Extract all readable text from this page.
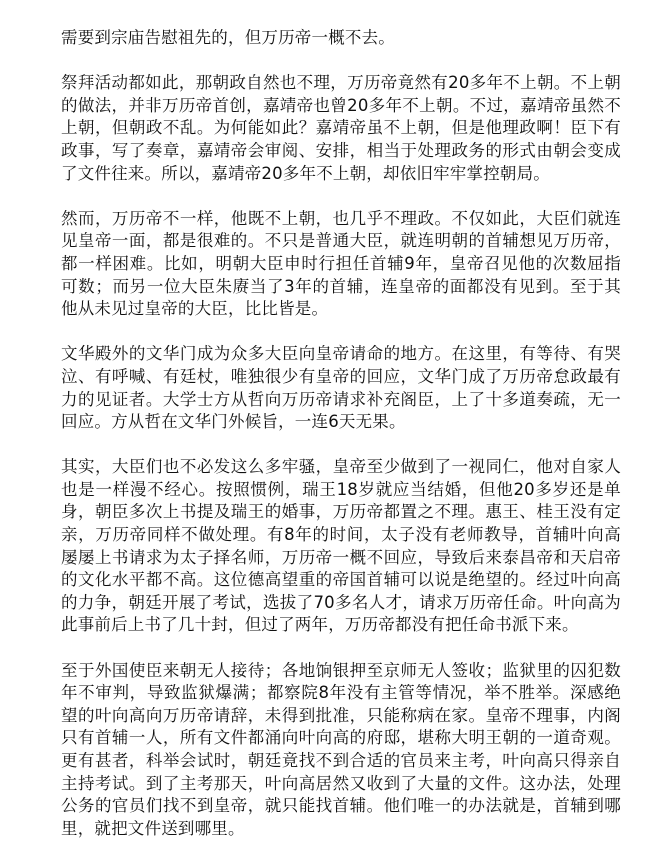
需要到宗庙告慰祖先的，但万历帝一概不去。

祭拜活动都如此，那朝政自然也不理，万历帝竟然有20多年不上朝。不上朝的做法，并非万历帝首创，嘉靖帝也曾20多年不上朝。不过，嘉靖帝虽然不上朝，但朝政不乱。为何能如此？嘉靖帝虽不上朝，但是他理政啊！臣下有政事，写了奏章，嘉靖帝会审阅、安排，相当于处理政务的形式由朝会变成了文件往来。所以，嘉靖帝20多年不上朝，却依旧牢牢掌控朝局。

然而，万历帝不一样，他既不上朝，也几乎不理政。不仅如此，大臣们就连见皇帝一面，都是很难的。不只是普通大臣，就连明朝的首辅想见万历帝，都一样困难。比如，明朝大臣申时行担任首辅9年，皇帝召见他的次数屈指可数；而另一位大臣朱赓当了3年的首辅，连皇帝的面都没有见到。至于其他从未见过皇帝的大臣，比比皆是。

文华殿外的文华门成为众多大臣向皇帝请命的地方。在这里，有等待、有哭泣、有呼喊、有廷杖，唯独很少有皇帝的回应，文华门成了万历帝怠政最有力的见证者。大学士方从哲向万历帝请求补充阁臣，上了十多道奏疏，无一回应。方从哲在文华门外候旨，一连6天无果。

其实，大臣们也不必发这么多牢骚，皇帝至少做到了一视同仁，他对自家人也是一样漫不经心。按照惯例，瑞王18岁就应当结婚，但他20多岁还是单身，朝臣多次上书提及瑞王的婚事，万历帝都置之不理。惠王、桂王没有定亲，万历帝同样不做处理。有8年的时间，太子没有老师教导，首辅叶向高屡屡上书请求为太子择名师，万历帝一概不回应，导致后来泰昌帝和天启帝的文化水平都不高。这位德高望重的帝国首辅可以说是绝望的。经过叶向高的力争，朝廷开展了考试，选拔了70多名人才，请求万历帝任命。叶向高为此事前后上书了几十封，但过了两年，万历帝都没有把任命书派下来。

至于外国使臣来朝无人接待；各地饷银押至京师无人签收；监狱里的囚犯数年不审判，导致监狱爆满；都察院8年没有主管等情况，举不胜举。深感绝望的叶向高向万历帝请辞，未得到批准，只能称病在家。皇帝不理事，内阁只有首辅一人，所有文件都涌向叶向高的府邸，堪称大明王朝的一道奇观。更有甚者，科举会试时，朝廷竟找不到合适的官员来主考，叶向高只得亲自主持考试。到了主考那天，叶向高居然又收到了大量的文件。这办法，处理公务的官员们找不到皇帝，就只能找首辅。他们唯一的办法就是，首辅到哪里，就把文件送到哪里。
